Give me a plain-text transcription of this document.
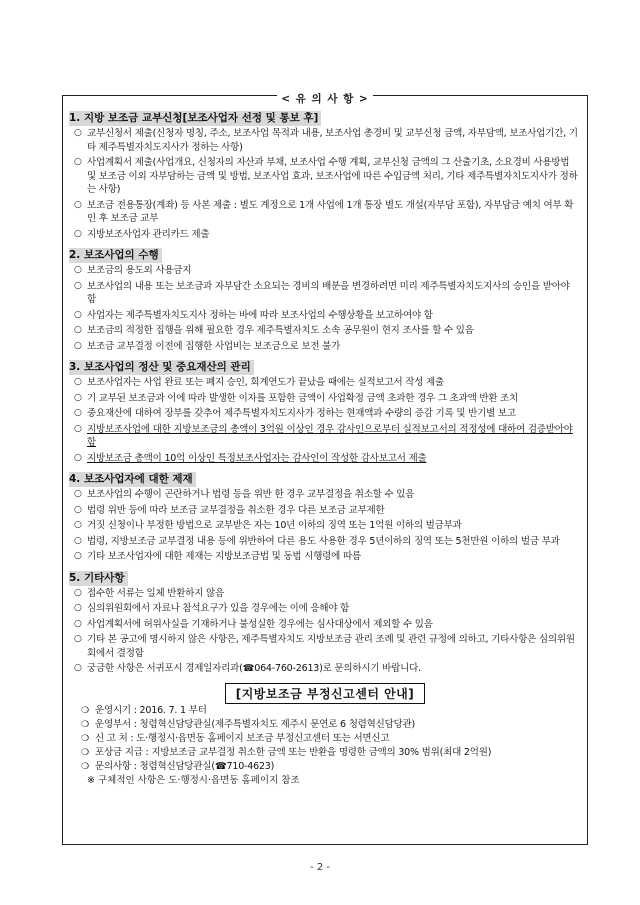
< 유 의 사 항 >
1. 지방 보조금 교부신청[보조사업자 선정 및 통보 후]
○ 교부신청서 제출(신청자 명칭, 주소, 보조사업 목적과 내용, 보조사업 총경비 및 교부신청 금액, 자부담액, 보조사업기간, 기타 제주특별자치도지사가 정하는 사항)
○ 사업계획서 제출(사업개요, 신청자의 자산과 부채, 보조사업 수행 계획, 교부신청 금액의 그 산출기초, 소요경비 사용방법 및 보조금 이외 자부담하는 금액 및 방법, 보조사업 효과, 보조사업에 따른 수입금액 처리, 기타 제주특별자치도지사가 정하는 사항)
○ 보조금 전용통장(계좌) 등 사본 제출 : 별도 계정으로 1개 사업에 1개 통장 별도 개설(자부담 포함), 자부담금 예치 여부 확인 후 보조금 교부
○ 지방보조사업자 관리카드 제출
2. 보조사업의 수행
○ 보조금의 용도외 사용금지
○ 보조사업의 내용 또는 보조금과 자부담간 소요되는 경비의 배분을 변경하려면 미리 제주특별자치도지사의 승인을 받아야 함
○ 사업자는 제주특별자치도지사 정하는 바에 따라 보조사업의 수행상황을 보고하여야 함
○ 보조금의 적정한 집행을 위해 필요한 경우 제주특별자치도 소속 공무원이 현지 조사를 할 수 있음
○ 보조금 교부결정 이전에 집행한 사업비는 보조금으로 보전 불가
3. 보조사업의 정산 및 중요재산의 관리
○ 보조사업자는 사업 완료 또는 폐지 승인, 회계연도가 끝났을 때에는 실적보고서 작성 제출
○ 기 교부된 보조금과 이에 따라 발생한 이자를 포함한 금액이 사업확정 금액 초과한 경우 그 초과액 반환 조치
○ 중요재산에 대하여 장부를 갖추어 제주특별자치도지사가 정하는 현재액과 수량의 증감 기록 및 반기별 보고
○ 지방보조사업에 대한 지방보조금의 총액이 3억원 이상인 경우 감사인으로부터 실적보고서의 적정성에 대하여 검증받아야 함
○ 지방보조금 총액이 10억 이상인 특정보조사업자는 감사인이 작성한 감사보고서 제출
4. 보조사업자에 대한 제재
○ 보조사업의 수행이 곤란하거나 법령 등을 위반 한 경우 교부결정을 취소할 수 있음
○ 법령 위반 등에 따라 보조금 교부결정을 취소한 경우 다른 보조금 교부제한
○ 거짓 신청이나 부정한 방법으로 교부받은 자는 10년 이하의 징역 또는 1억원 이하의 벌금부과
○ 법령, 지방보조금 교부결정 내용 등에 위반하여 다른 용도 사용한 경우 5년이하의 징역 또는 5천만원 이하의 벌금 부과
○ 기타 보조사업자에 대한 제재는 지방보조금법 및 동법 시행령에 따름
5. 기타사항
○ 접수한 서류는 일체 반환하지 않음
○ 심의위원회에서 자료나 참석요구가 있을 경우에는 이에 응해야 함
○ 사업계획서에 허위사실을 기재하거나 불성실한 경우에는 심사대상에서 제외할 수 있음
○ 기타 본 공고에 명시하지 않은 사항은, 제주특별자치도 지방보조금 관리 조례 및 관련 규정에 의하고, 기타사항은 심의위원회에서 결정함
○ 궁금한 사항은 서귀포시 경제일자리과(☎064-760-2613)로 문의하시기 바랍니다.
[지방보조금 부정신고센터 안내]
❍ 운영시기 : 2016. 7. 1 부터
❍ 운영부서 : 청렴혁신담당관실(제주특별자치도 제주시 문연로 6 청렴혁신담당관)
❍ 신 고 처 : 도·행정시·읍면동 홈페이지 보조금 부정신고센터 또는 서면신고
❍ 포상금 지급 : 지방보조금 교부결정 취소한 금액 또는 반환을 명령한 금액의 30% 범위(최대 2억원)
❍ 문의사항 : 청렴혁신담당관실(☎710-4623)
※ 구체적인 사항은 도·행정시·읍면동 홈페이지 참조
- 2 -
